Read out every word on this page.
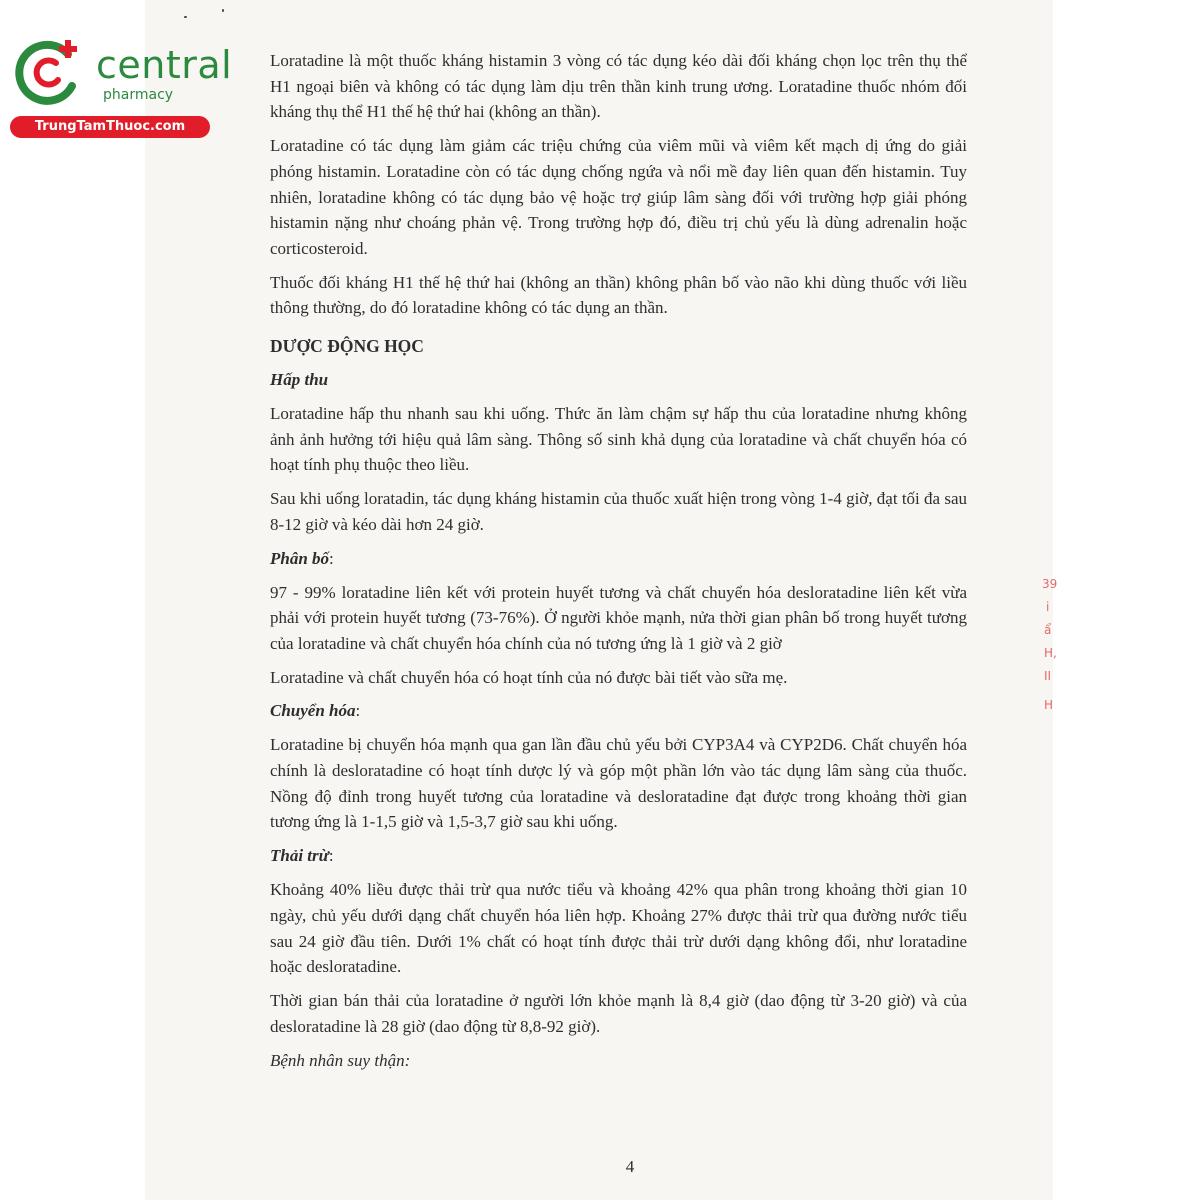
central
pharmacy
TrungTamThuoc.com

Loratadine là một thuốc kháng histamin 3 vòng có tác dụng kéo dài đối kháng chọn lọc trên thụ thể H1 ngoại biên và không có tác dụng làm dịu trên thần kinh trung ương. Loratadine thuốc nhóm đối kháng thụ thể H1 thế hệ thứ hai (không an thần).

Loratadine có tác dụng làm giảm các triệu chứng của viêm mũi và viêm kết mạch dị ứng do giải phóng histamin. Loratadine còn có tác dụng chống ngứa và nổi mề đay liên quan đến histamin. Tuy nhiên, loratadine không có tác dụng bảo vệ hoặc trợ giúp lâm sàng đối với trường hợp giải phóng histamin nặng như choáng phản vệ. Trong trường hợp đó, điều trị chủ yếu là dùng adrenalin hoặc corticosteroid.

Thuốc đối kháng H1 thế hệ thứ hai (không an thần) không phân bố vào não khi dùng thuốc với liều thông thường, do đó loratadine không có tác dụng an thần.

DƯỢC ĐỘNG HỌC
Hấp thu

Loratadine hấp thu nhanh sau khi uống. Thức ăn làm chậm sự hấp thu của loratadine nhưng không ảnh ảnh hưởng tới hiệu quả lâm sàng. Thông số sinh khả dụng của loratadine và chất chuyển hóa có hoạt tính phụ thuộc theo liều.

Sau khi uống loratadin, tác dụng kháng histamin của thuốc xuất hiện trong vòng 1-4 giờ, đạt tối đa sau 8-12 giờ và kéo dài hơn 24 giờ.

Phân bố:

97 - 99% loratadine liên kết với protein huyết tương và chất chuyển hóa desloratadine liên kết vừa phải với protein huyết tương (73-76%). Ở người khỏe mạnh, nửa thời gian phân bố trong huyết tương của loratadine và chất chuyển hóa chính của nó tương ứng là 1 giờ và 2 giờ

Loratadine và chất chuyển hóa có hoạt tính của nó được bài tiết vào sữa mẹ.

Chuyển hóa:

Loratadine bị chuyển hóa mạnh qua gan lần đầu chủ yếu bởi CYP3A4 và CYP2D6. Chất chuyển hóa chính là desloratadine có hoạt tính dược lý và góp một phần lớn vào tác dụng lâm sàng của thuốc. Nồng độ đỉnh trong huyết tương của loratadine và desloratadine đạt được trong khoảng thời gian tương ứng là 1-1,5 giờ và 1,5-3,7 giờ sau khi uống.

Thải trừ:

Khoảng 40% liều được thải trừ qua nước tiểu và khoảng 42% qua phân trong khoảng thời gian 10 ngày, chủ yếu dưới dạng chất chuyển hóa liên hợp. Khoảng 27% được thải trừ qua đường nước tiểu sau 24 giờ đầu tiên. Dưới 1% chất có hoạt tính được thải trừ dưới dạng không đổi, như loratadine hoặc desloratadine.

Thời gian bán thải của loratadine ở người lớn khỏe mạnh là 8,4 giờ (dao động từ 3-20 giờ) và của desloratadine là 28 giờ (dao động từ 8,8-92 giờ).

Bệnh nhân suy thận:
4
39
i
ẩ
H,
II
H
